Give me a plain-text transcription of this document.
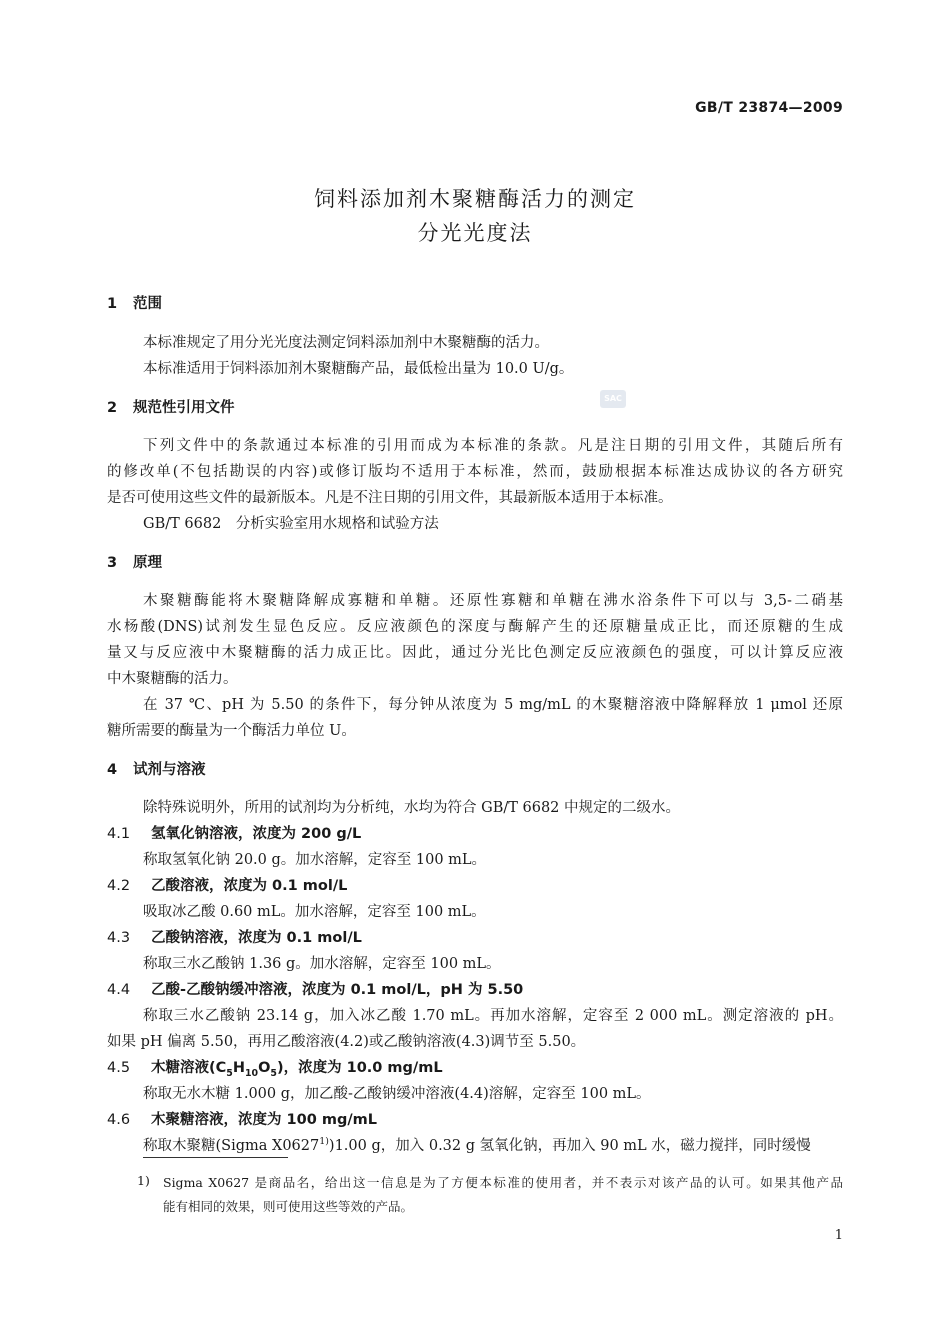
GB/T 23874—2009
饲料添加剂木聚糖酶活力的测定
分光光度法
1 范围
本标准规定了用分光光度法测定饲料添加剂中木聚糖酶的活力。
本标准适用于饲料添加剂木聚糖酶产品，最低检出量为 10.0 U/g。
SAC
2 规范性引用文件
下列文件中的条款通过本标准的引用而成为本标准的条款。凡是注日期的引用文件，其随后所有
的修改单(不包括勘误的内容)或修订版均不适用于本标准，然而，鼓励根据本标准达成协议的各方研究
是否可使用这些文件的最新版本。凡是不注日期的引用文件，其最新版本适用于本标准。
GB/T 6682　分析实验室用水规格和试验方法
3 原理
木聚糖酶能将木聚糖降解成寡糖和单糖。还原性寡糖和单糖在沸水浴条件下可以与 3,5-二硝基
水杨酸(DNS)试剂发生显色反应。反应液颜色的深度与酶解产生的还原糖量成正比，而还原糖的生成
量又与反应液中木聚糖酶的活力成正比。因此，通过分光比色测定反应液颜色的强度，可以计算反应液
中木聚糖酶的活力。
在 37 ℃、pH 为 5.50 的条件下，每分钟从浓度为 5 mg/mL 的木聚糖溶液中降解释放 1 μmol 还原
糖所需要的酶量为一个酶活力单位 U。
4 试剂与溶液
除特殊说明外，所用的试剂均为分析纯，水均为符合 GB/T 6682 中规定的二级水。
4.1 氢氧化钠溶液，浓度为 200 g/L
称取氢氧化钠 20.0 g。加水溶解，定容至 100 mL。
4.2 乙酸溶液，浓度为 0.1 mol/L
吸取冰乙酸 0.60 mL。加水溶解，定容至 100 mL。
4.3 乙酸钠溶液，浓度为 0.1 mol/L
称取三水乙酸钠 1.36 g。加水溶解，定容至 100 mL。
4.4 乙酸-乙酸钠缓冲溶液，浓度为 0.1 mol/L，pH 为 5.50
称取三水乙酸钠 23.14 g，加入冰乙酸 1.70 mL。再加水溶解，定容至 2 000 mL。测定溶液的 pH。
如果 pH 偏离 5.50，再用乙酸溶液(4.2)或乙酸钠溶液(4.3)调节至 5.50。
4.5 木糖溶液$(C_5H_{10}O_5)$，浓度为 10.0 mg/mL
称取无水木糖 1.000 g，加乙酸-乙酸钠缓冲溶液(4.4)溶解，定容至 100 mL。
4.6 木聚糖溶液，浓度为 100 mg/mL
称取木聚糖(Sigma X0627$^{1)}$)1.00 g，加入 0.32 g 氢氧化钠，再加入 90 mL 水，磁力搅拌，同时缓慢
1) Sigma X0627 是商品名，给出这一信息是为了方便本标准的使用者，并不表示对该产品的认可。如果其他产品
能有相同的效果，则可使用这些等效的产品。
1
